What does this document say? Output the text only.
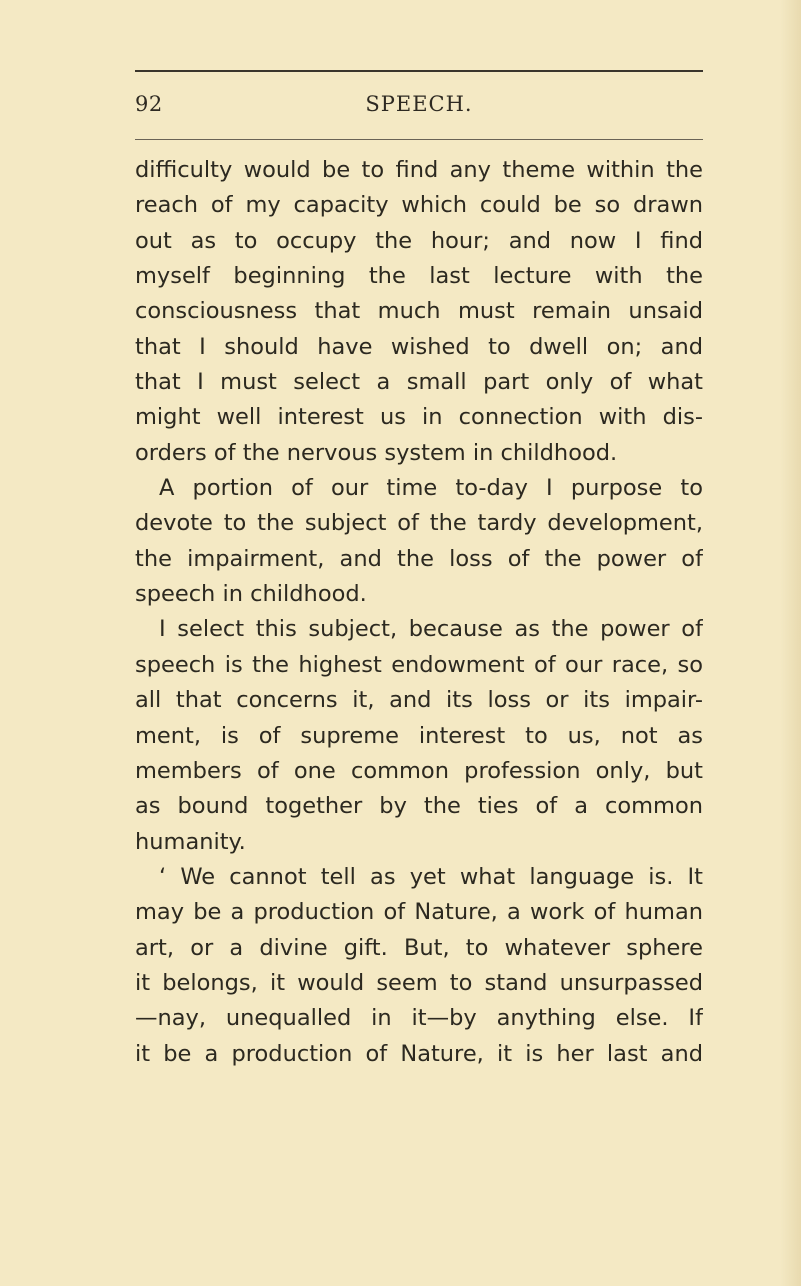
92	SPEECH.
difficulty would be to find any theme within the
reach of my capacity which could be so drawn
out as to occupy the hour; and now I find
myself beginning the last lecture with the
consciousness that much must remain unsaid
that I should have wished to dwell on; and
that I must select a small part only of what
might well interest us in connection with dis-
orders of the nervous system in childhood.
A portion of our time to-day I purpose to
devote to the subject of the tardy development,
the impairment, and the loss of the power of
speech in childhood.
I select this subject, because as the power of
speech is the highest endowment of our race, so
all that concerns it, and its loss or its impair-
ment, is of supreme interest to us, not as
members of one common profession only, but
as bound together by the ties of a common
humanity.
‘ We cannot tell as yet what language is. It
may be a production of Nature, a work of human
art, or a divine gift. But, to whatever sphere
it belongs, it would seem to stand unsurpassed
—nay, unequalled in it—by anything else. If
it be a production of Nature, it is her last and
